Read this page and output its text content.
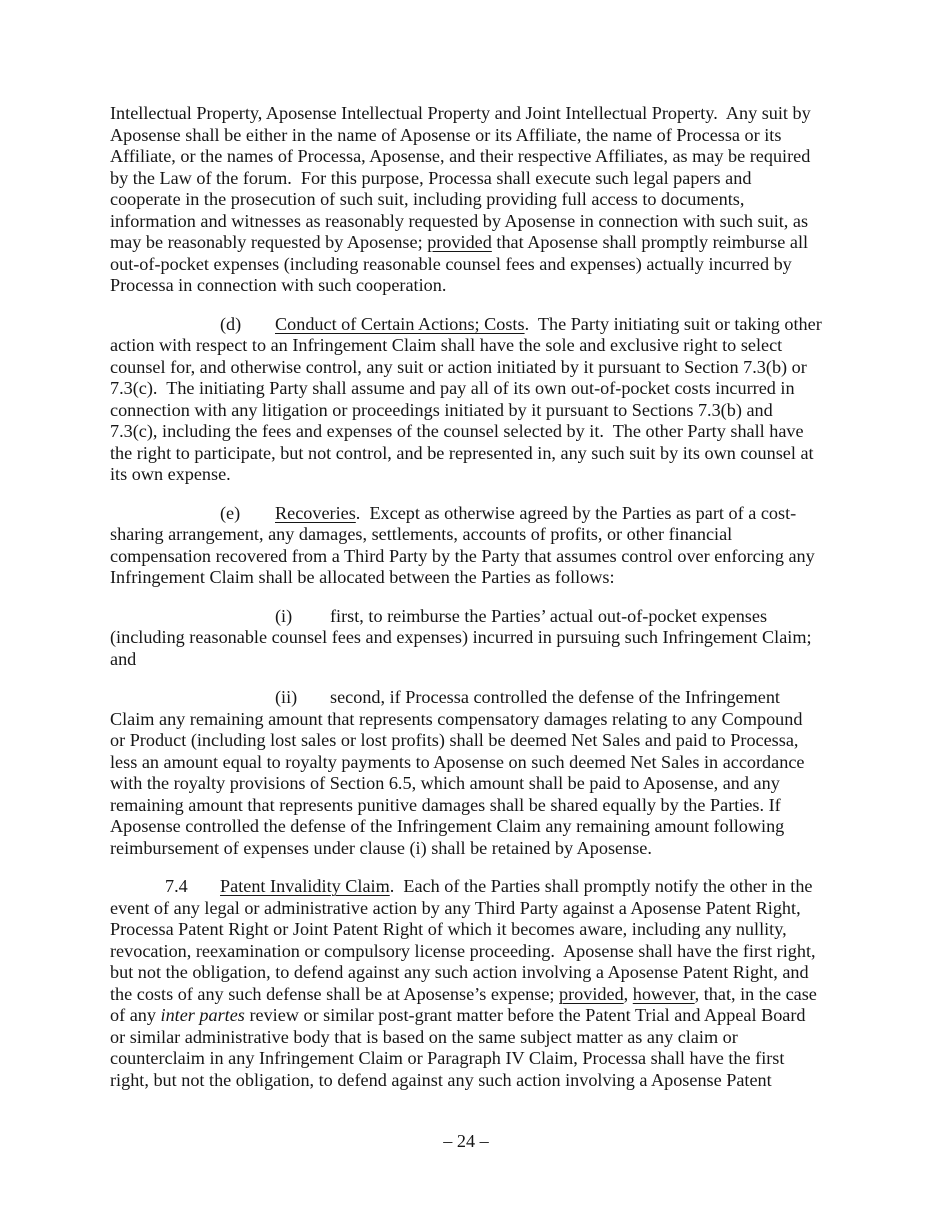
Intellectual Property, Aposense Intellectual Property and Joint Intellectual Property.  Any suit by Aposense shall be either in the name of Aposense or its Affiliate, the name of Processa or its Affiliate, or the names of Processa, Aposense, and their respective Affiliates, as may be required by the Law of the forum.  For this purpose, Processa shall execute such legal papers and cooperate in the prosecution of such suit, including providing full access to documents, information and witnesses as reasonably requested by Aposense in connection with such suit, as may be reasonably requested by Aposense; provided that Aposense shall promptly reimburse all out-of-pocket expenses (including reasonable counsel fees and expenses) actually incurred by Processa in connection with such cooperation.

(d) Conduct of Certain Actions; Costs.  The Party initiating suit or taking other action with respect to an Infringement Claim shall have the sole and exclusive right to select counsel for, and otherwise control, any suit or action initiated by it pursuant to Section 7.3(b) or 7.3(c).  The initiating Party shall assume and pay all of its own out-of-pocket costs incurred in connection with any litigation or proceedings initiated by it pursuant to Sections 7.3(b) and 7.3(c), including the fees and expenses of the counsel selected by it.  The other Party shall have the right to participate, but not control, and be represented in, any such suit by its own counsel at its own expense.

(e) Recoveries.  Except as otherwise agreed by the Parties as part of a cost-sharing arrangement, any damages, settlements, accounts of profits, or other financial compensation recovered from a Third Party by the Party that assumes control over enforcing any Infringement Claim shall be allocated between the Parties as follows:

(i) first, to reimburse the Parties’ actual out-of-pocket expenses (including reasonable counsel fees and expenses) incurred in pursuing such Infringement Claim; and

(ii) second, if Processa controlled the defense of the Infringement Claim any remaining amount that represents compensatory damages relating to any Compound or Product (including lost sales or lost profits) shall be deemed Net Sales and paid to Processa, less an amount equal to royalty payments to Aposense on such deemed Net Sales in accordance with the royalty provisions of Section 6.5, which amount shall be paid to Aposense, and any remaining amount that represents punitive damages shall be shared equally by the Parties. If Aposense controlled the defense of the Infringement Claim any remaining amount following reimbursement of expenses under clause (i) shall be retained by Aposense.

7.4 Patent Invalidity Claim.  Each of the Parties shall promptly notify the other in the event of any legal or administrative action by any Third Party against a Aposense Patent Right, Processa Patent Right or Joint Patent Right of which it becomes aware, including any nullity, revocation, reexamination or compulsory license proceeding.  Aposense shall have the first right, but not the obligation, to defend against any such action involving a Aposense Patent Right, and the costs of any such defense shall be at Aposense’s expense; provided, however, that, in the case of any inter partes review or similar post-grant matter before the Patent Trial and Appeal Board or similar administrative body that is based on the same subject matter as any claim or counterclaim in any Infringement Claim or Paragraph IV Claim, Processa shall have the first right, but not the obligation, to defend against any such action involving a Aposense Patent

– 24 –
